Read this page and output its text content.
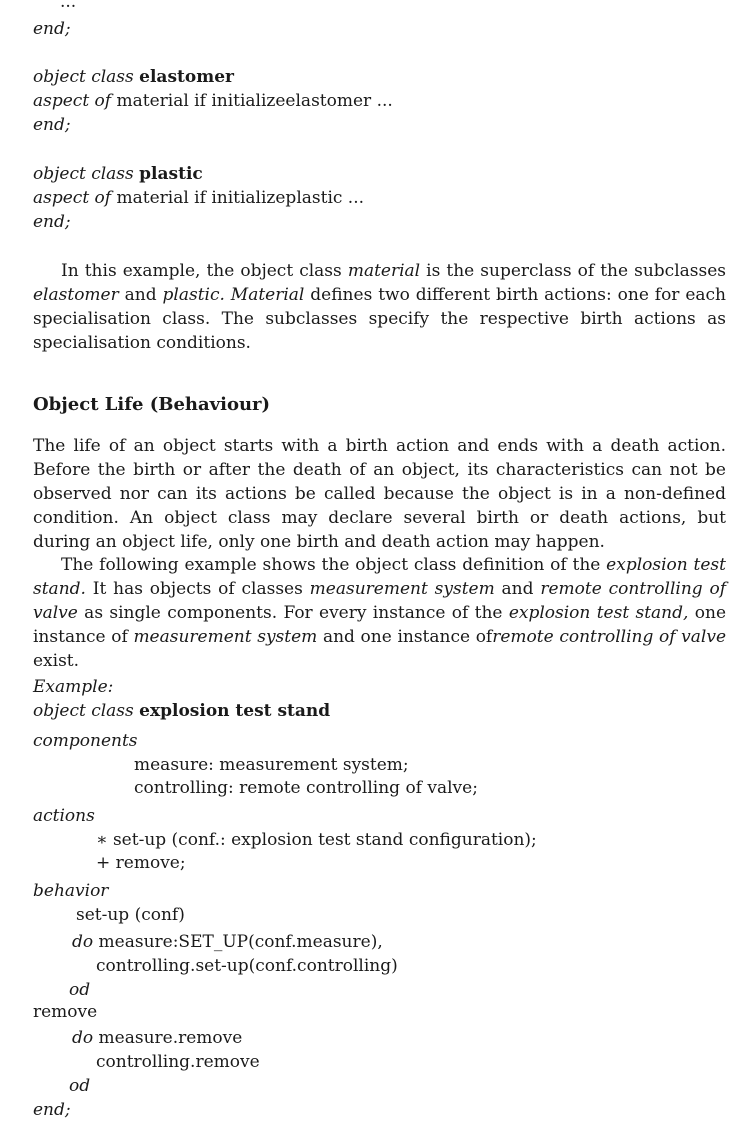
...
end;
object class elastomer
aspect of material if initializeelastomer ...
end;
object class plastic
aspect of material if initializeplastic ...
end;
In this example, the object class material is the superclass of the subclasses elastomer and plastic. Material defines two different birth actions: one for each specialisation class. The subclasses specify the respective birth actions as specialisation conditions.
Object Life (Behaviour)
The life of an object starts with a birth action and ends with a death action. Before the birth or after the death of an object, its characteristics can not be observed nor can its actions be called because the object is in a non-defined condition. An object class may declare several birth or death actions, but during an object life, only one birth and death action may happen.
The following example shows the object class definition of the explosion test stand. It has objects of classes measurement system and remote controlling of valve as single components. For every instance of the explosion test stand, one instance of measurement system and one instance ofremote controlling of valve exist.
Example:
object class explosion test stand
components
measure: measurement system;
controlling: remote controlling of valve;
actions
∗ set-up (conf.: explosion test stand configuration);
+ remove;
behavior
set-up (conf)
do measure:SET_UP(conf.measure),
controlling.set-up(conf.controlling)
od
remove
do measure.remove
controlling.remove
od
end;
